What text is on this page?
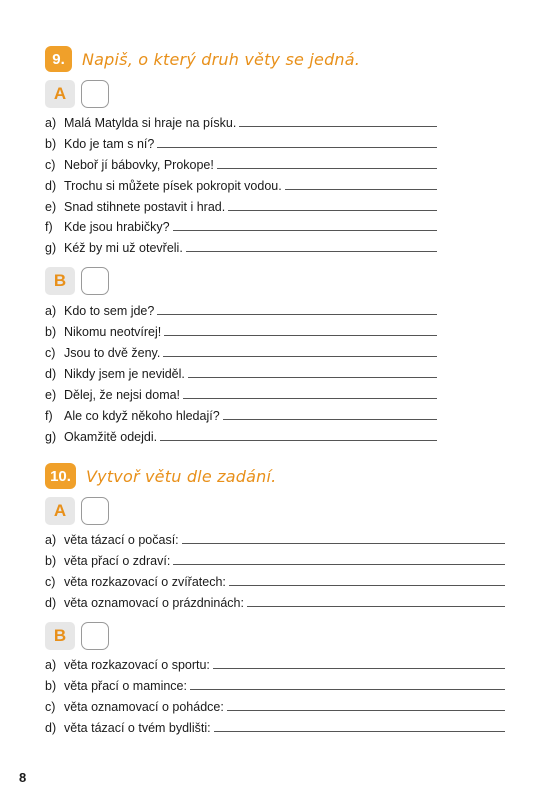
9.	Napiš, o který druh věty se jedná.
A
a) Malá Matylda si hraje na písku.
b) Kdo je tam s ní?
c) Neboř jí bábovky, Prokope!
d) Trochu si můžete písek pokropit vodou.
e) Snad stihnete postavit i hrad.
f) Kde jsou hrabičky?
g) Kéž by mi už otevřeli.
B
a) Kdo to sem jde?
b) Nikomu neotvírej!
c) Jsou to dvě ženy.
d) Nikdy jsem je neviděl.
e) Dělej, že nejsi doma!
f) Ale co když někoho hledají?
g) Okamžitě odejdi.
10. Vytvoř větu dle zadání.
A
a) věta tázací o počasí:
b) věta přací o zdraví:
c) věta rozkazovací o zvířatech:
d) věta oznamovací o prázdninách:
B
a) věta rozkazovací o sportu:
b) věta přací o mamince:
c) věta oznamovací o pohádce:
d) věta tázací o tvém bydlišti:
8
